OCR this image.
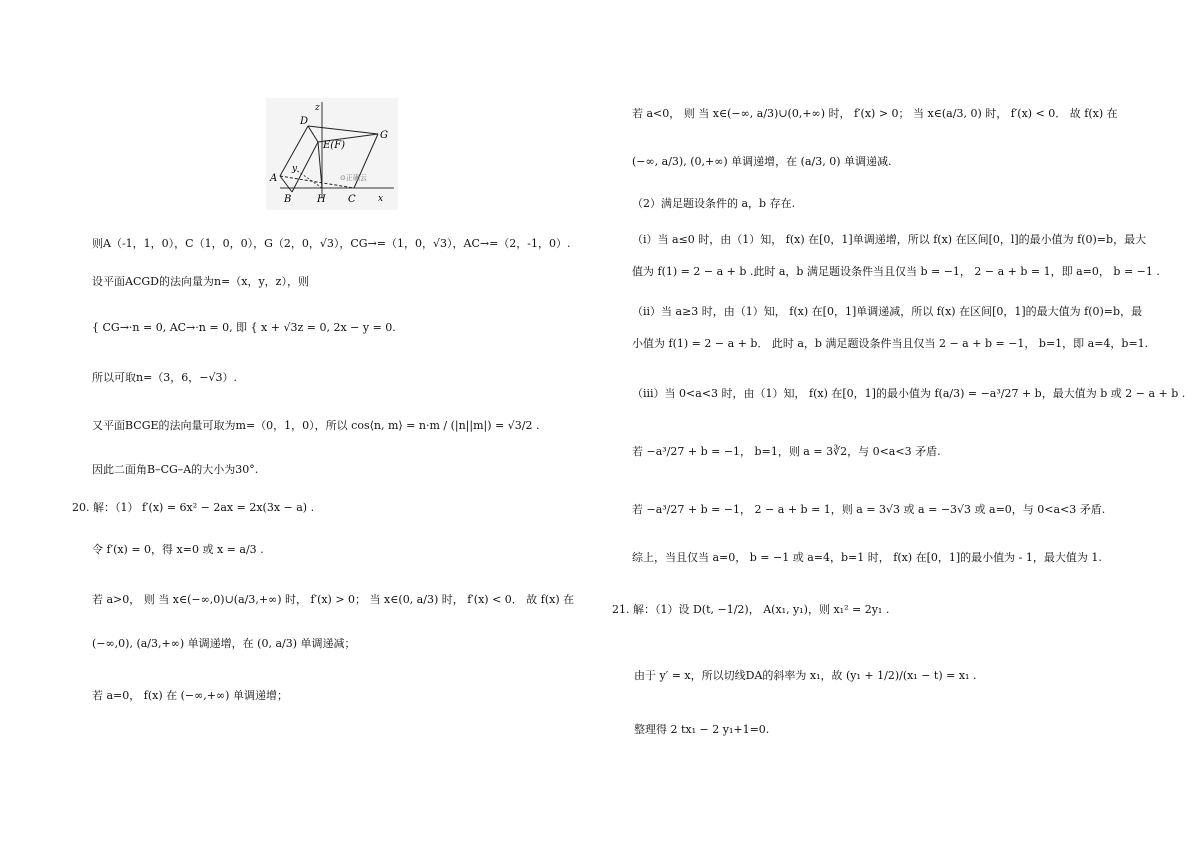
z
x
y
D
G
E(F)
A
B	H C
⊙正确云
则A（-1，1，0），C（1，0，0），G（2，0，√3），CG→=（1，0，√3），AC→=（2，-1，0）.
设平面ACGD的法向量为n=（x，y，z），则
{ CG→·n = 0, AC→·n = 0, 即 { x + √3z = 0, 2x − y = 0.
所以可取n=（3，6，−√3）.
又平面BCGE的法向量可取为m=（0，1，0），所以 cos⟨n, m⟩ = n·m / (|n||m|) = √3/2 .
因此二面角B–CG–A的大小为30°.
20. 解：（1） f′(x) = 6x² − 2ax = 2x(3x − a) .
令 f′(x) = 0，得 x=0 或 x = a/3 .
若 a>0， 则 当 x∈(−∞,0)∪(a/3,+∞) 时， f′(x) > 0； 当 x∈(0, a/3) 时， f′(x) < 0． 故 f(x) 在
(−∞,0), (a/3,+∞) 单调递增，在 (0, a/3) 单调递减；
若 a=0， f(x) 在 (−∞,+∞) 单调递增；
若 a<0， 则 当 x∈(−∞, a/3)∪(0,+∞) 时， f′(x) > 0； 当 x∈(a/3, 0) 时， f′(x) < 0． 故 f(x) 在
(−∞, a/3), (0,+∞) 单调递增，在 (a/3, 0) 单调递减.
（2）满足题设条件的 a，b 存在.
（i）当 a≤0 时，由（1）知， f(x) 在[0，1]单调递增，所以 f(x) 在区间[0，l]的最小值为 f(0)=b，最大
值为 f(1) = 2 − a + b .此时 a，b 满足题设条件当且仅当 b = −1， 2 − a + b = 1，即 a=0， b = −1 .
（ii）当 a≥3 时，由（1）知， f(x) 在[0，1]单调递减，所以 f(x) 在区间[0，1]的最大值为 f(0)=b，最
小值为 f(1) = 2 − a + b． 此时 a，b 满足题设条件当且仅当 2 − a + b = −1， b=1，即 a=4，b=1.
（iii）当 0<a<3 时，由（1）知， f(x) 在[0，1]的最小值为 f(a/3) = −a³/27 + b，最大值为 b 或 2 − a + b .
若 −a³/27 + b = −1， b=1，则 a = 3∛2，与 0<a<3 矛盾.
若 −a³/27 + b = −1， 2 − a + b = 1，则 a = 3√3 或 a = −3√3 或 a=0，与 0<a<3 矛盾.
综上，当且仅当 a=0， b = −1 或 a=4，b=1 时， f(x) 在[0，1]的最小值为 - 1，最大值为 1.
21. 解：（1）设 D(t, −1/2)， A(x₁, y₁)，则 x₁² = 2y₁ .
由于 y′ = x，所以切线DA的斜率为 x₁，故 (y₁ + 1/2)/(x₁ − t) = x₁ .
整理得 2 tx₁ − 2 y₁+1=0.
